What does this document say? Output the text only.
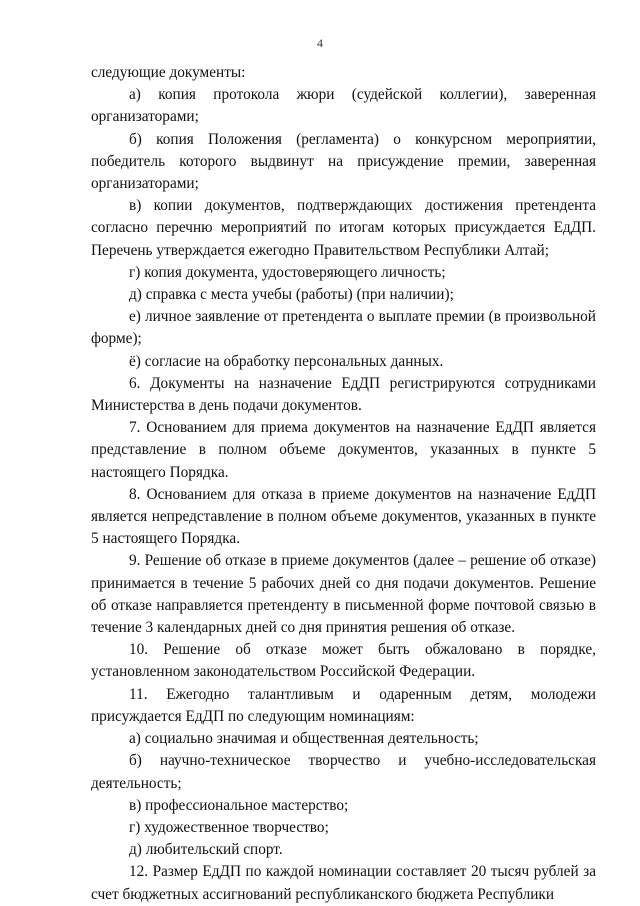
4

следующие документы:

а) копия протокола жюри (судейской коллегии), заверенная организаторами;

б) копия Положения (регламента) о конкурсном мероприятии, победитель которого выдвинут на присуждение премии, заверенная организаторами;

в) копии документов, подтверждающих достижения претендента согласно перечню мероприятий по итогам которых присуждается ЕдДП. Перечень утверждается ежегодно Правительством Республики Алтай;

г) копия документа, удостоверяющего личность;

д) справка с места учебы (работы) (при наличии);

е) личное заявление от претендента о выплате премии (в произвольной форме);

ё) согласие на обработку персональных данных.

6. Документы на назначение ЕдДП регистрируются сотрудниками Министерства в день подачи документов.

7. Основанием для приема документов на назначение ЕдДП является представление в полном объеме документов, указанных в пункте 5 настоящего Порядка.

8. Основанием для отказа в приеме документов на назначение ЕдДП является непредставление в полном объеме документов, указанных в пункте 5 настоящего Порядка.

9. Решение об отказе в приеме документов (далее – решение об отказе) принимается в течение 5 рабочих дней со дня подачи документов. Решение об отказе направляется претенденту в письменной форме почтовой связью в течение 3 календарных дней со дня принятия решения об отказе.

10. Решение об отказе может быть обжаловано в порядке, установленном законодательством Российской Федерации.

11. Ежегодно талантливым и одаренным детям, молодежи присуждается ЕдДП по следующим номинациям:

а) социально значимая и общественная деятельность;

б) научно-техническое творчество и учебно-исследовательская деятельность;

в) профессиональное мастерство;

г) художественное творчество;

д) любительский спорт.

12. Размер ЕдДП по каждой номинации составляет 20 тысяч рублей за счет бюджетных ассигнований республиканского бюджета Республики
